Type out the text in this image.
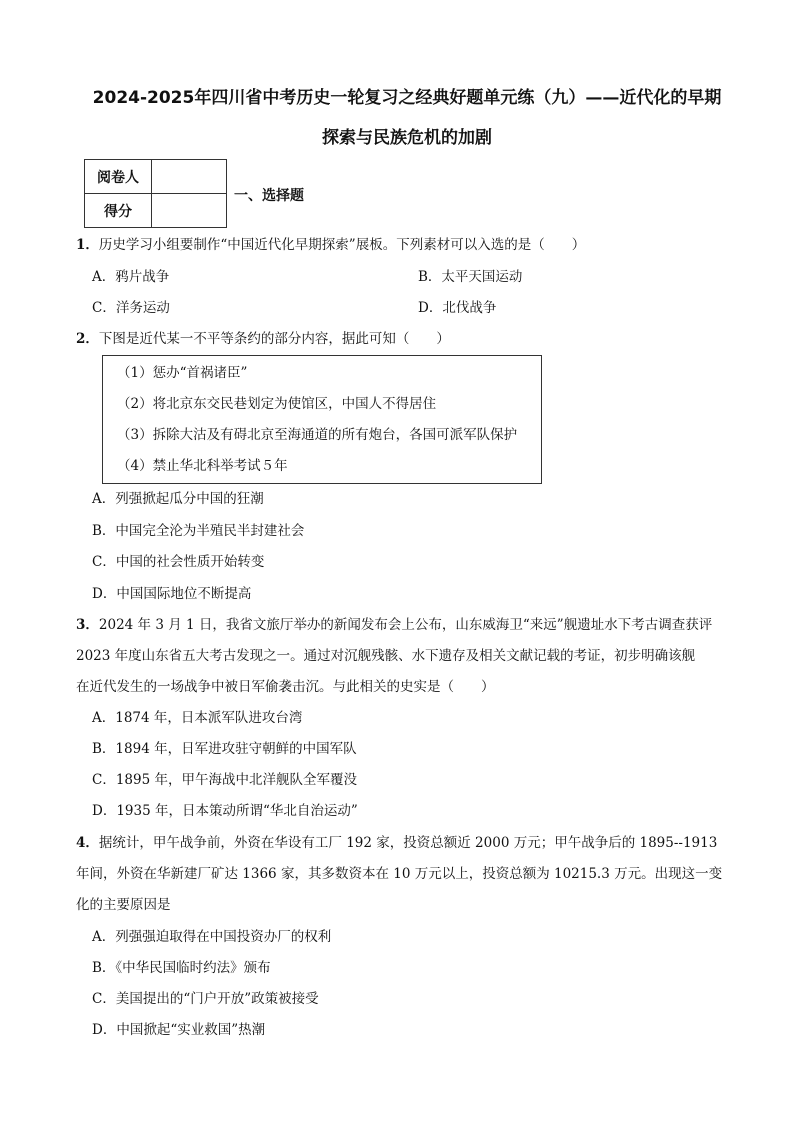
2024-2025年四川省中考历史一轮复习之经典好题单元练（九）——近代化的早期
探索与民族危机的加剧
阅卷人	
得分	
一、选择题
1．历史学习小组要制作“中国近代化早期探索”展板。下列素材可以入选的是（　　）
A．鸦片战争	B．太平天国运动
C．洋务运动	D．北伐战争
2．下图是近代某一不平等条约的部分内容，据此可知（　　）
（1）惩办“首祸诸臣”
（2）将北京东交民巷划定为使馆区，中国人不得居住
（3）拆除大沽及有碍北京至海通道的所有炮台，各国可派军队保护
（4）禁止华北科举考试５年
A．列强掀起瓜分中国的狂潮
B．中国完全沦为半殖民半封建社会
C．中国的社会性质开始转变
D．中国国际地位不断提高
3．2024 年 3 月 1 日，我省文旅厅举办的新闻发布会上公布，山东威海卫“来远”舰遗址水下考古调查获评
2023 年度山东省五大考古发现之一。通过对沉舰残骸、水下遗存及相关文献记载的考证，初步明确该舰
在近代发生的一场战争中被日军偷袭击沉。与此相关的史实是（　　）
A．1874 年，日本派军队进攻台湾
B．1894 年，日军进攻驻守朝鲜的中国军队
C．1895 年，甲午海战中北洋舰队全军覆没
D．1935 年，日本策动所谓“华北自治运动”
4．据统计，甲午战争前，外资在华设有工厂 192 家，投资总额近 2000 万元；甲午战争后的 1895--1913
年间，外资在华新建厂矿达 1366 家，其多数资本在 10 万元以上，投资总额为 10215.3 万元。出现这一变
化的主要原因是
A．列强强迫取得在中国投资办厂的权利
B．《中华民国临时约法》颁布
C．美国提出的“门户开放”政策被接受
D．中国掀起“实业救国”热潮
